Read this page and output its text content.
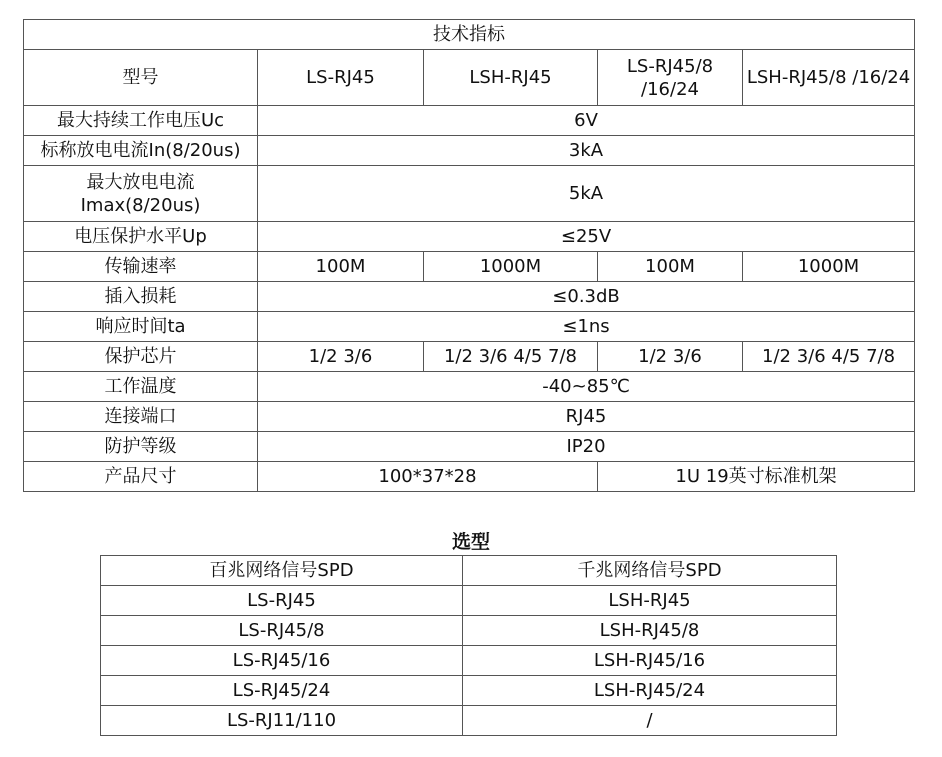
技术指标				
型号	LS-RJ45	LSH-RJ45	LS-RJ45/8 /16/24	LSH-RJ45/8 /16/24
最大持续工作电压Uc	6V			
标称放电电流In(8/20us)	3kA			
最大放电电流 Imax(8/20us)	5kA			
电压保护水平Up	≤25V			
传输速率	100M	1000M	100M	1000M
插入损耗	≤0.3dB			
响应时间ta	≤1ns			
保护芯片	1/2 3/6	1/2 3/6 4/5 7/8	1/2 3/6	1/2 3/6 4/5 7/8
工作温度	-40~85℃			
连接端口	RJ45			
防护等级	IP20			
产品尺寸	100*37*28		1U 19英寸标准机架	
选型
百兆网络信号SPD	千兆网络信号SPD
LS-RJ45	LSH-RJ45
LS-RJ45/8	LSH-RJ45/8
LS-RJ45/16	LSH-RJ45/16
LS-RJ45/24	LSH-RJ45/24
LS-RJ11/110	/
